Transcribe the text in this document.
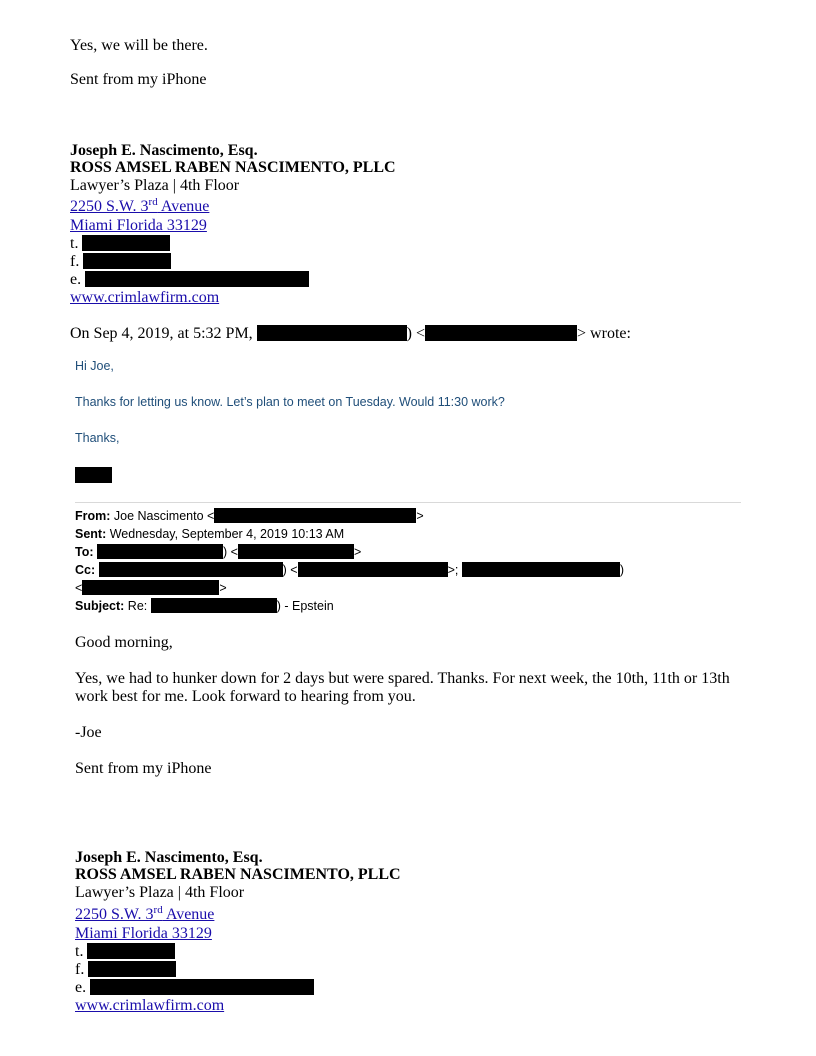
Yes, we will be there.
Sent from my iPhone
Joseph E. Nascimento, Esq.
ROSS AMSEL RABEN NASCIMENTO, PLLC
Lawyer’s Plaza | 4th Floor
2250 S.W. 3rd Avenue
Miami Florida 33129
t.
f.
e.
www.crimlawfirm.com
On Sep 4, 2019, at 5:32 PM,	) <	> wrote:
Hi Joe,
Thanks for letting us know. Let’s plan to meet on Tuesday. Would 11:30 work?
Thanks,
From: Joe Nascimento <	>
Sent: Wednesday, September 4, 2019 10:13 AM
To:	) <	>
Cc:	) <	>;	)
<	>
Subject: Re:	) - Epstein
Good morning,
Yes, we had to hunker down for 2 days but were spared. Thanks. For next week, the 10th, 11th or 13th work best for me. Look forward to hearing from you.
-Joe
Sent from my iPhone
Joseph E. Nascimento, Esq.
ROSS AMSEL RABEN NASCIMENTO, PLLC
Lawyer’s Plaza | 4th Floor
2250 S.W. 3rd Avenue
Miami Florida 33129
t.
f.
e.
www.crimlawfirm.com
